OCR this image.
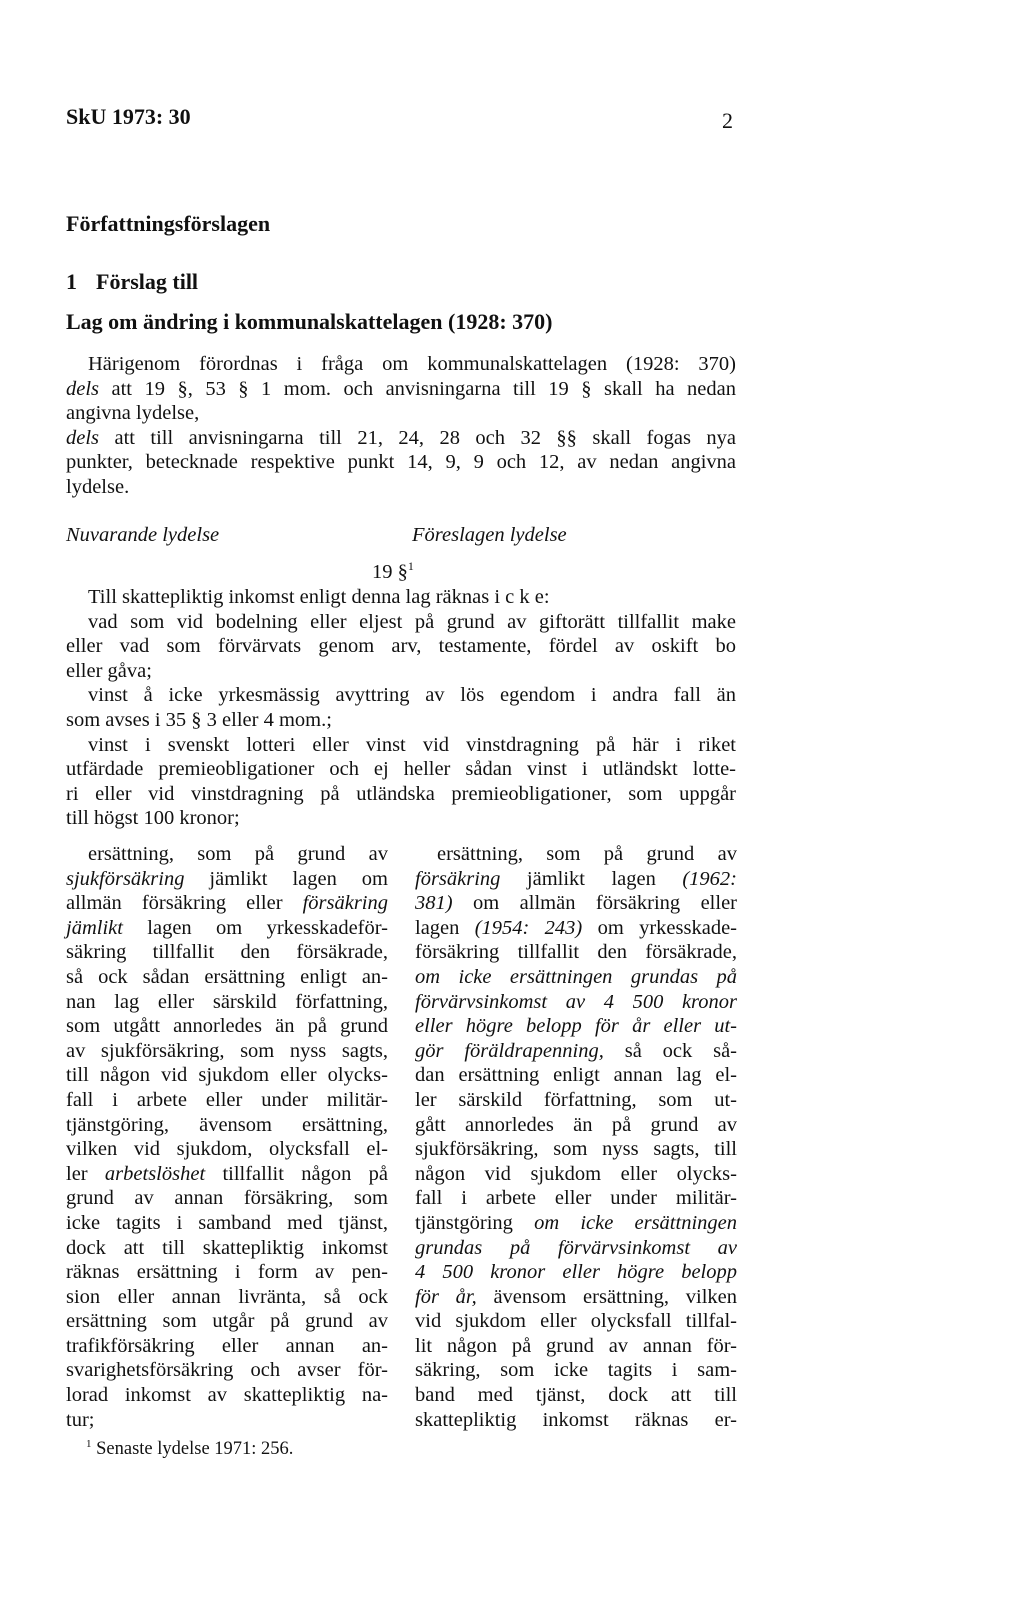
SkU 1973: 30	2
Författningsförslagen
1 Förslag till
Lag om ändring i kommunalskattelagen (1928: 370)
Härigenom förordnas i fråga om kommunalskattelagen (1928: 370)
dels att 19 §, 53 § 1 mom. och anvisningarna till 19 § skall ha nedan
angivna lydelse,
dels att till anvisningarna till 21, 24, 28 och 32 §§ skall fogas nya
punkter, betecknade respektive punkt 14, 9, 9 och 12, av nedan angivna
lydelse.
Nuvarande lydelse	Föreslagen lydelse
19 §$^1$
Till skattepliktig inkomst enligt denna lag räknas i c k e:
vad som vid bodelning eller eljest på grund av giftorätt tillfallit make
eller vad som förvärvats genom arv, testamente, fördel av oskift bo
eller gåva;
vinst å icke yrkesmässig avyttring av lös egendom i andra fall än
som avses i 35 § 3 eller 4 mom.;
vinst i svenskt lotteri eller vinst vid vinstdragning på här i riket
utfärdade premieobligationer och ej heller sådan vinst i utländskt lotte-
ri eller vid vinstdragning på utländska premieobligationer, som uppgår
till högst 100 kronor;
ersättning, som på grund av
sjukförsäkring jämlikt lagen om
allmän försäkring eller försäkring
jämlikt lagen om yrkesskadeför-
säkring tillfallit den försäkrade,
så ock sådan ersättning enligt an-
nan lag eller särskild författning,
som utgått annorledes än på grund
av sjukförsäkring, som nyss sagts,
till någon vid sjukdom eller olycks-
fall i arbete eller under militär-
tjänstgöring, ävensom ersättning,
vilken vid sjukdom, olycksfall el-
ler arbetslöshet tillfallit någon på
grund av annan försäkring, som
icke tagits i samband med tjänst,
dock att till skattepliktig inkomst
räknas ersättning i form av pen-
sion eller annan livränta, så ock
ersättning som utgår på grund av
trafikförsäkring eller annan an-
svarighetsförsäkring och avser för-
lorad inkomst av skattepliktig na-
tur;
ersättning, som på grund av
försäkring jämlikt lagen (1962:
381) om allmän försäkring eller
lagen (1954: 243) om yrkesskade-
försäkring tillfallit den försäkrade,
om icke ersättningen grundas på
förvärvsinkomst av 4 500 kronor
eller högre belopp för år eller ut-
gör föräldrapenning, så ock så-
dan ersättning enligt annan lag el-
ler särskild författning, som ut-
gått annorledes än på grund av
sjukförsäkring, som nyss sagts, till
någon vid sjukdom eller olycks-
fall i arbete eller under militär-
tjänstgöring om icke ersättningen
grundas på förvärvsinkomst av
4 500 kronor eller högre belopp
för år, ävensom ersättning, vilken
vid sjukdom eller olycksfall tillfal-
lit någon på grund av annan för-
säkring, som icke tagits i sam-
band med tjänst, dock att till
skattepliktig inkomst räknas er-
$^1$ Senaste lydelse 1971: 256.
